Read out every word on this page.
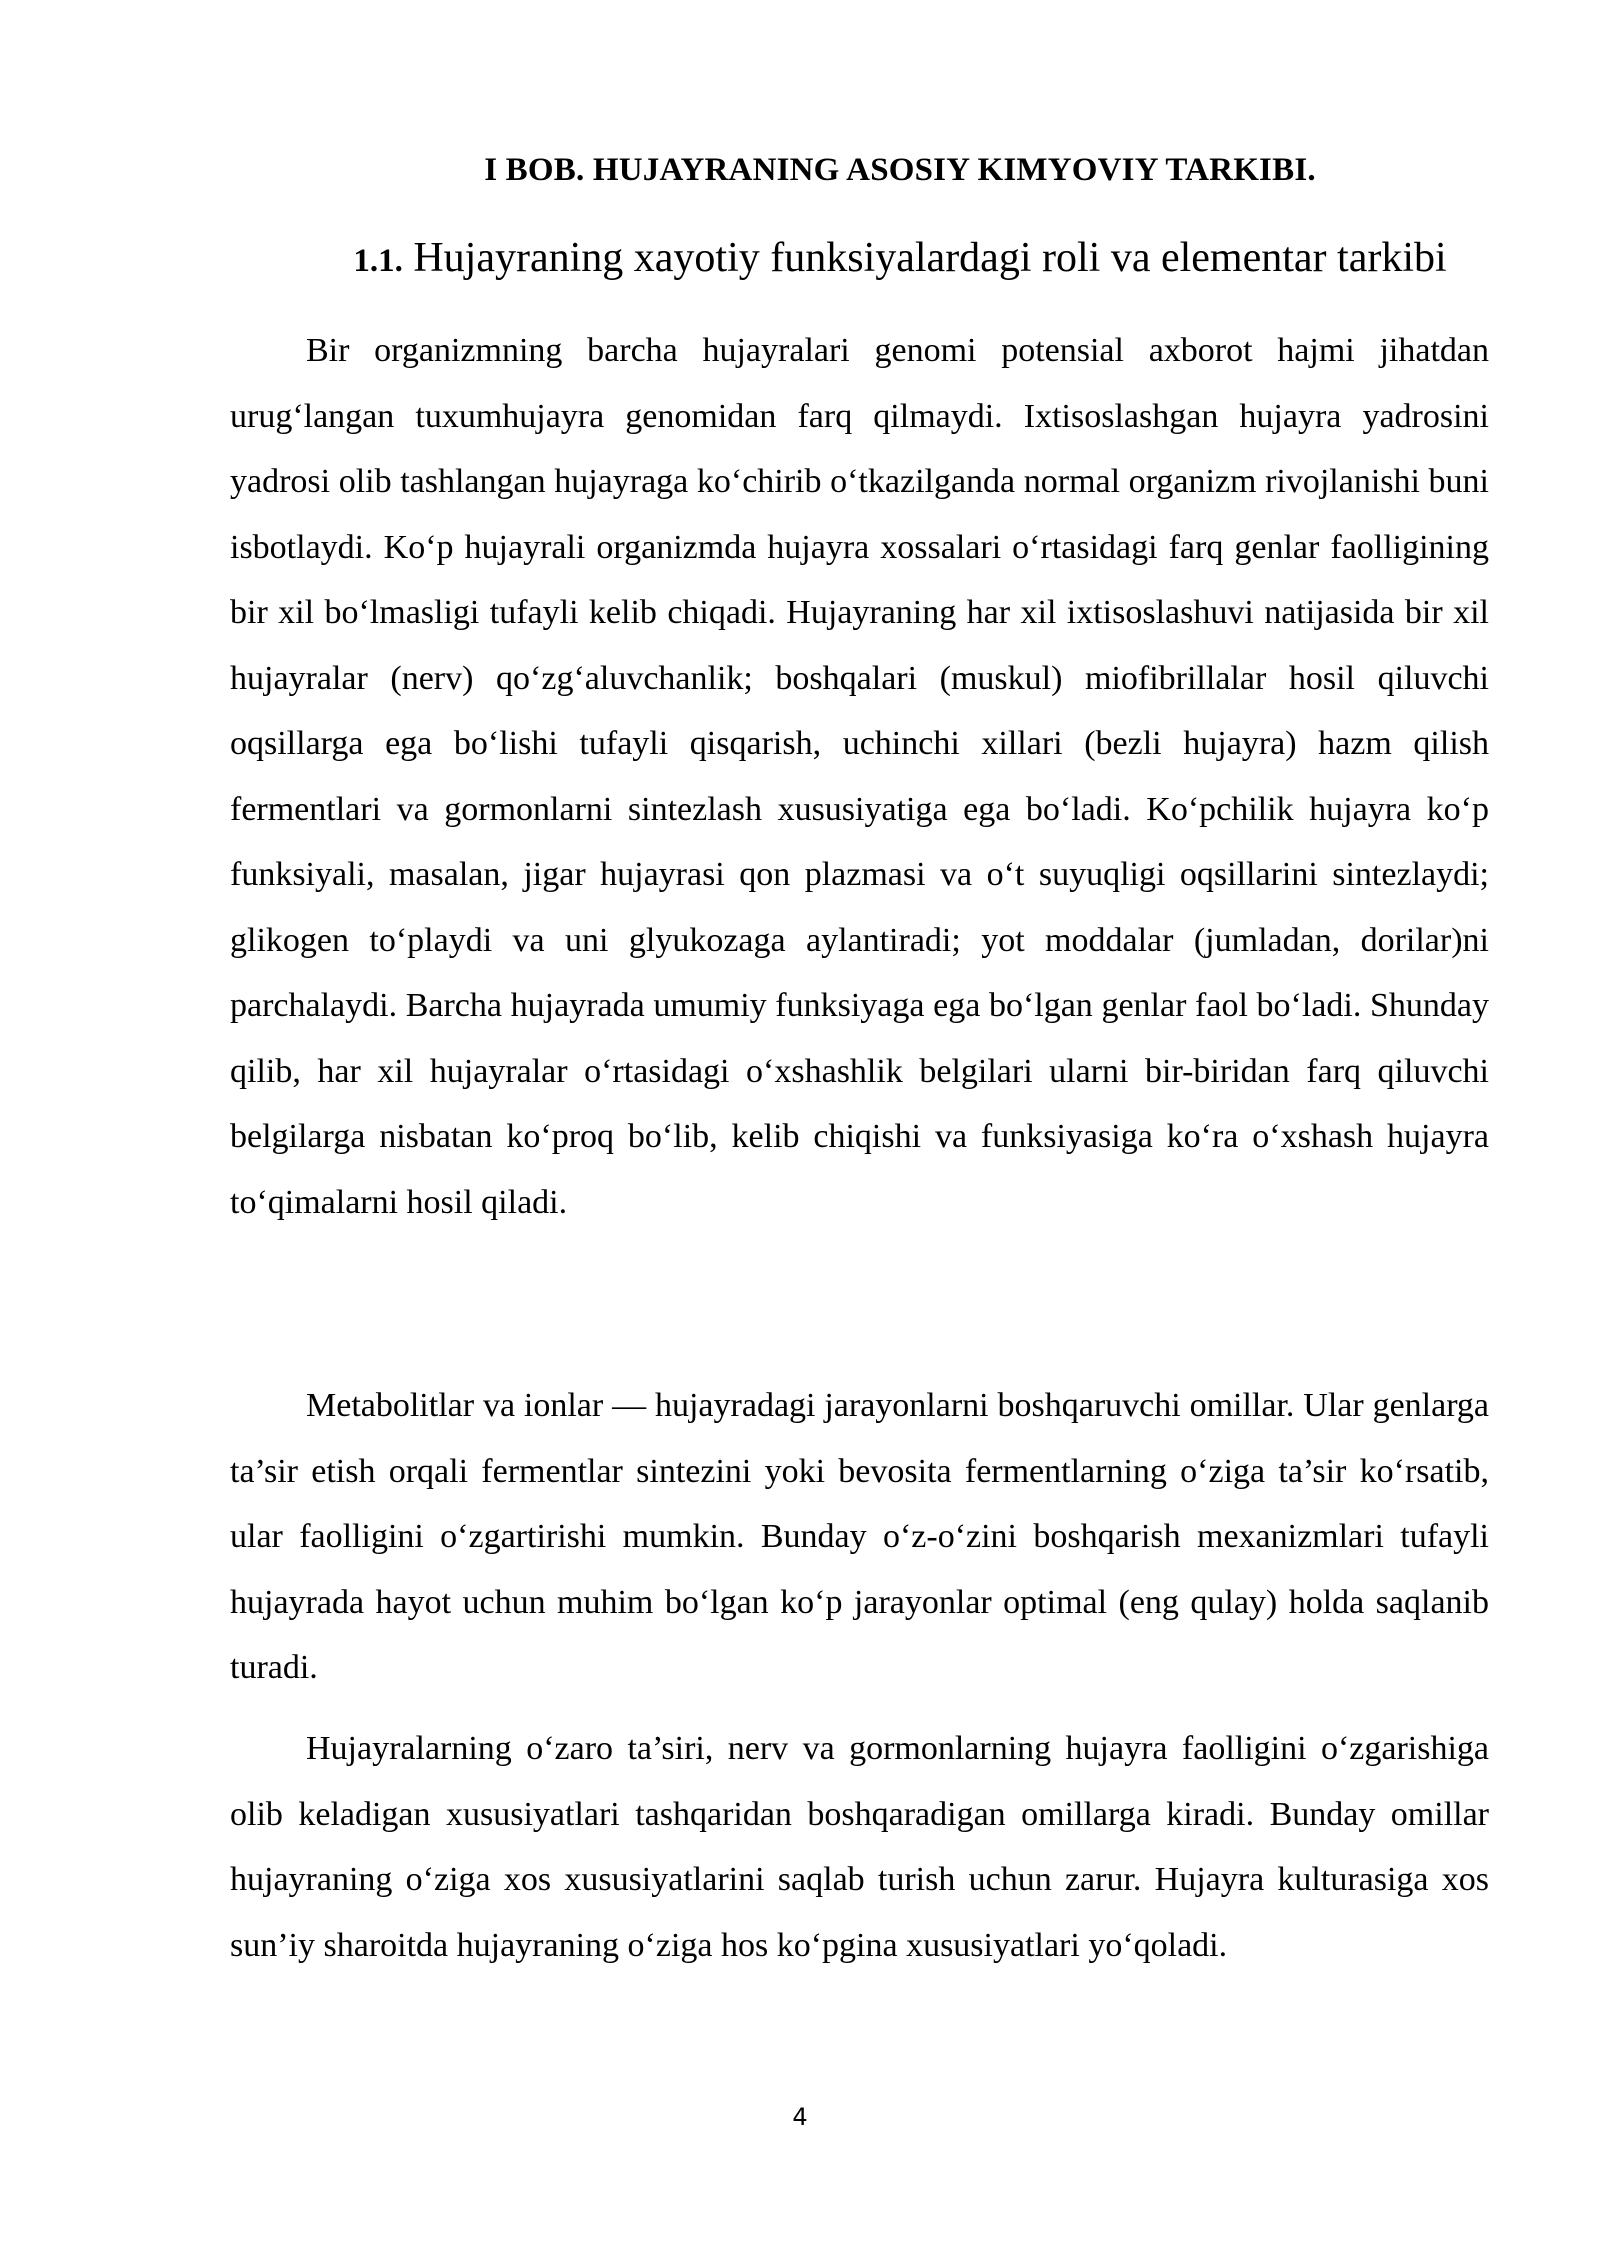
I BOB. HUJAYRANING ASOSIY KIMYOVIY TARKIBI.
1.1. Hujayraning xayotiy funksiyalardagi roli va elementar tarkibi

Bir organizmning barcha hujayralari genomi potensial axborot hajmi jihatdan urug‘langan tuxumhujayra genomidan farq qilmaydi. Ixtisoslashgan hujayra yadrosini yadrosi olib tashlangan hujayraga ko‘chirib o‘tkazilganda normal organizm rivojlanishi buni isbotlaydi. Ko‘p hujayrali organizmda hujayra xossalari o‘rtasidagi farq genlar faolligining bir xil bo‘lmasligi tufayli kelib chiqadi. Hujayraning har xil ixtisoslashuvi natijasida bir xil hujayralar (nerv) qo‘zg‘aluvchanlik; boshqalari (muskul) miofibrillalar hosil qiluvchi oqsillarga ega bo‘lishi tufayli qisqarish, uchinchi xillari (bezli hujayra) hazm qilish fermentlari va gormonlarni sintezlash xususiyatiga ega bo‘ladi. Ko‘pchilik hujayra ko‘p funksiyali, masalan, jigar hujayrasi qon plazmasi va o‘t suyuqligi oqsillarini sintezlaydi; glikogen to‘playdi va uni glyukozaga aylantiradi; yot moddalar (jumladan, dorilar)ni parchalaydi. Barcha hujayrada umumiy funksiyaga ega bo‘lgan genlar faol bo‘ladi. Shunday qilib, har xil hujayralar o‘rtasidagi o‘xshashlik belgilari ularni bir-biridan farq qiluvchi belgilarga nisbatan ko‘proq bo‘lib, kelib chiqishi va funksiyasiga ko‘ra o‘xshash hujayra to‘qimalarni hosil qiladi.

Metabolitlar va ionlar — hujayradagi jarayonlarni boshqaruvchi omillar. Ular genlarga ta’sir etish orqali fermentlar sintezini yoki bevosita fermentlarning o‘ziga ta’sir ko‘rsatib, ular faolligini o‘zgartirishi mumkin. Bunday o‘z-o‘zini boshqarish mexanizmlari tufayli hujayrada hayot uchun muhim bo‘lgan ko‘p jarayonlar optimal (eng qulay) holda saqlanib turadi.

Hujayralarning o‘zaro ta’siri, nerv va gormonlarning hujayra faolligini o‘zgarishiga olib keladigan xususiyatlari tashqaridan boshqaradigan omillarga kiradi. Bunday omillar hujayraning o‘ziga xos xususiyatlarini saqlab turish uchun zarur. Hujayra kulturasiga xos sun’iy sharoitda hujayraning o‘ziga hos ko‘pgina xususiyatlari yo‘qoladi.

4
